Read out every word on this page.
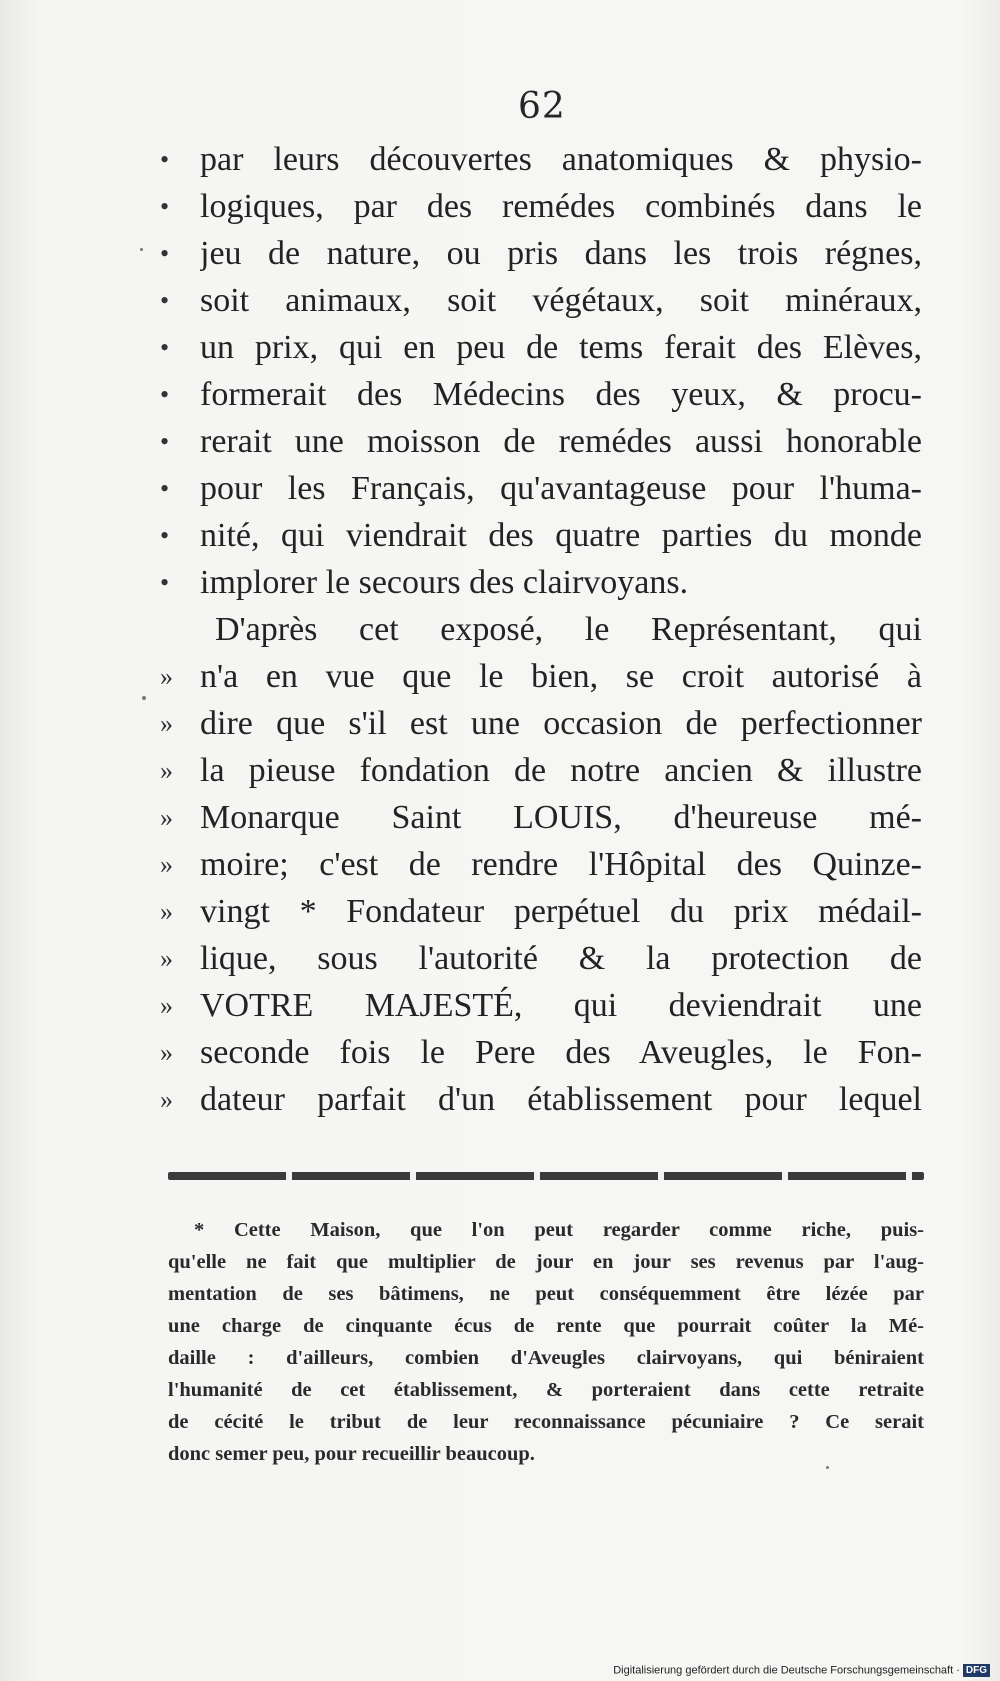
62
• par leurs découvertes anatomiques & physio-
• logiques, par des remédes combinés dans le
• jeu de nature, ou pris dans les trois régnes,
• soit animaux, soit végétaux, soit minéraux,
• un prix, qui en peu de tems ferait des Elèves,
• formerait des Médecins des yeux, & procu-
• rerait une moisson de remédes aussi honorable
• pour les Français, qu'avantageuse pour l'huma-
• nité, qui viendrait des quatre parties du monde
• implorer le secours des clairvoyans.
D'après cet exposé, le Représentant, qui
» n'a en vue que le bien, se croit autorisé à
» dire que s'il est une occasion de perfectionner
» la pieuse fondation de notre ancien & illustre
» Monarque Saint LOUIS, d'heureuse mé-
» moire; c'est de rendre l'Hôpital des Quinze-
» vingt * Fondateur perpétuel du prix médail-
» lique, sous l'autorité & la protection de
» VOTRE MAJESTÉ, qui deviendrait une
» seconde fois le Pere des Aveugles, le Fon-
» dateur parfait d'un établissement pour lequel
* Cette Maison, que l'on peut regarder comme riche, puis-
qu'elle ne fait que multiplier de jour en jour ses revenus par l'aug-
mentation de ses bâtimens, ne peut conséquemment être lézée par
une charge de cinquante écus de rente que pourrait coûter la Mé-
daille : d'ailleurs, combien d'Aveugles clairvoyans, qui béniraient
l'humanité de cet établissement, & porteraient dans cette retraite
de cécité le tribut de leur reconnaissance pécuniaire ? Ce serait
donc semer peu, pour recueillir beaucoup.
Digitalisierung gefördert durch die Deutsche Forschungsgemeinschaft · DFG
